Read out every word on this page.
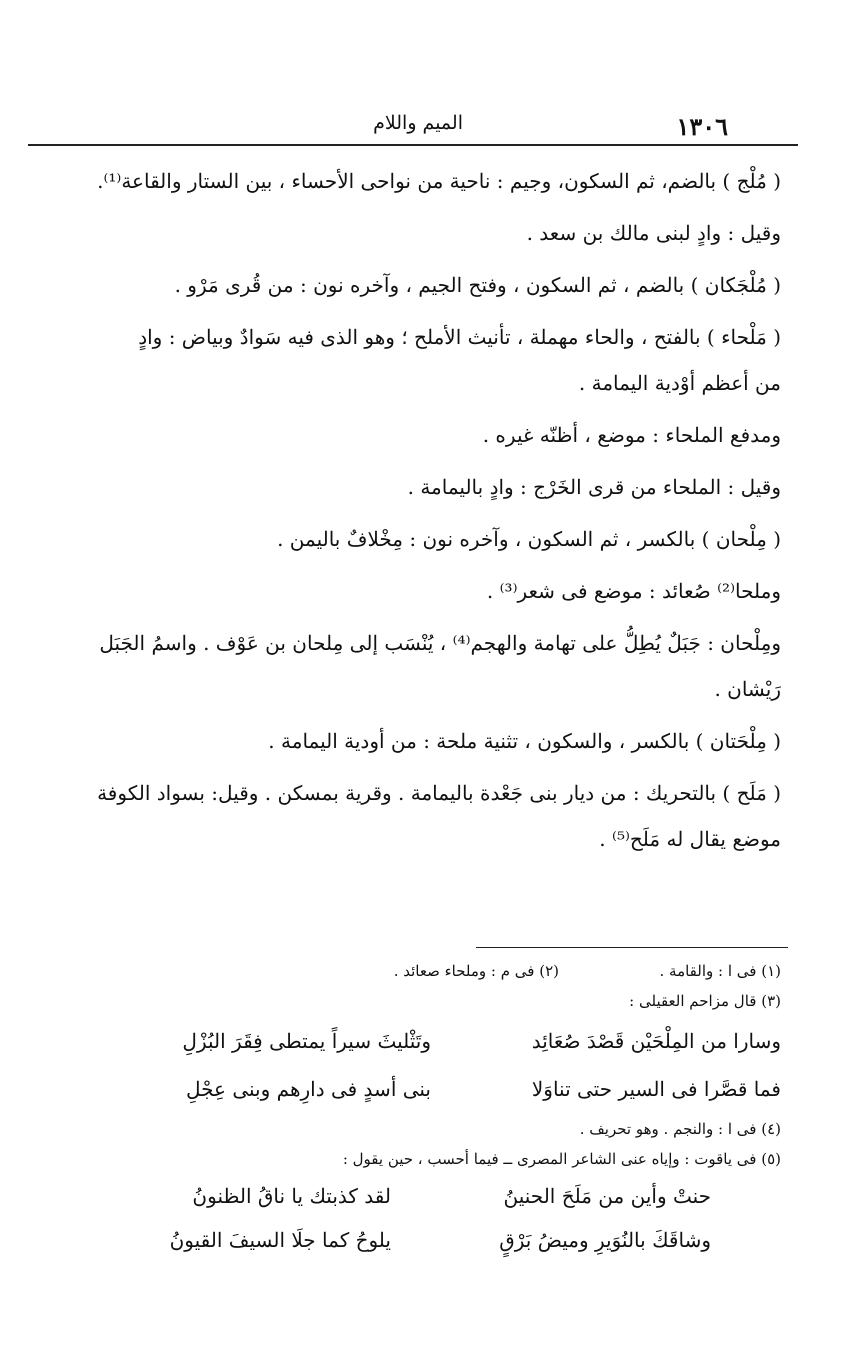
١٣٠٦
الميم واللام

( مُلْج ) بالضم، ثم السكون، وجيم : ناحية من نواحى الأحساء ، بين الستار والقاعة⁽¹⁾.

وقيل : وادٍ لبنى مالك بن سعد .

( مُلْجَكان ) بالضم ، ثم السكون ، وفتح الجيم ، وآخره نون : من قُرى مَرْو .

( مَلْحاء ) بالفتح ، والحاء مهملة ، تأنيث الأملح ؛ وهو الذى فيه سَوادٌ وبياض : وادٍ

من أعظم أوْدية اليمامة .

ومدفع الملحاء : موضع ، أظنّه غيره .

وقيل : الملحاء من قرى الخَرْج : وادٍ باليمامة .

( مِلْحان ) بالكسر ، ثم السكون ، وآخره نون : مِخْلافٌ باليمن .

وملحا⁽²⁾ صُعائد : موضع فى شعر⁽³⁾ .

ومِلْحان : جَبَلٌ يُطِلُّ على تهامة والهجم⁽⁴⁾ ، يُنْسَب إلى مِلحان بن عَوْف . واسمُ الجَبَل

رَيْشان .

( مِلْحَتان ) بالكسر ، والسكون ، تثنية ملحة : من أودية اليمامة .

( مَلَح ) بالتحريك : من ديار بنى جَعْدة باليمامة . وقرية بمسكن . وقيل: بسواد الكوفة

موضع يقال له مَلَح⁽⁵⁾ .

(١) فى ا : والقامة .
(٢) فى م : وملحاء صعائد .
(٣) قال مزاحم العقيلى :
وسارا من المِلْحَيْن قَصْدَ صُعَائِد
وتَثْليثَ سيراً يمتطى فِقَرَ البُزْلِ
فما قصَّرا فى السير حتى تناوَلا
بنى أسدٍ فى دارِهم وبنى عِجْلِ
(٤) فى ا : والنجم . وهو تحريف .
(٥) فى ياقوت : وإياه عنى الشاعر المصرى ــ فيما أحسب ، حين يقول :
حنتْ وأين من مَلَحَ الحنينُ
لقد كذبتك يا ناقُ الظنونُ
وشاقَكَ بالنُوَيرِ وميضُ بَرْقٍ
يلوحُ كما جلَا السيفَ القيونُ
